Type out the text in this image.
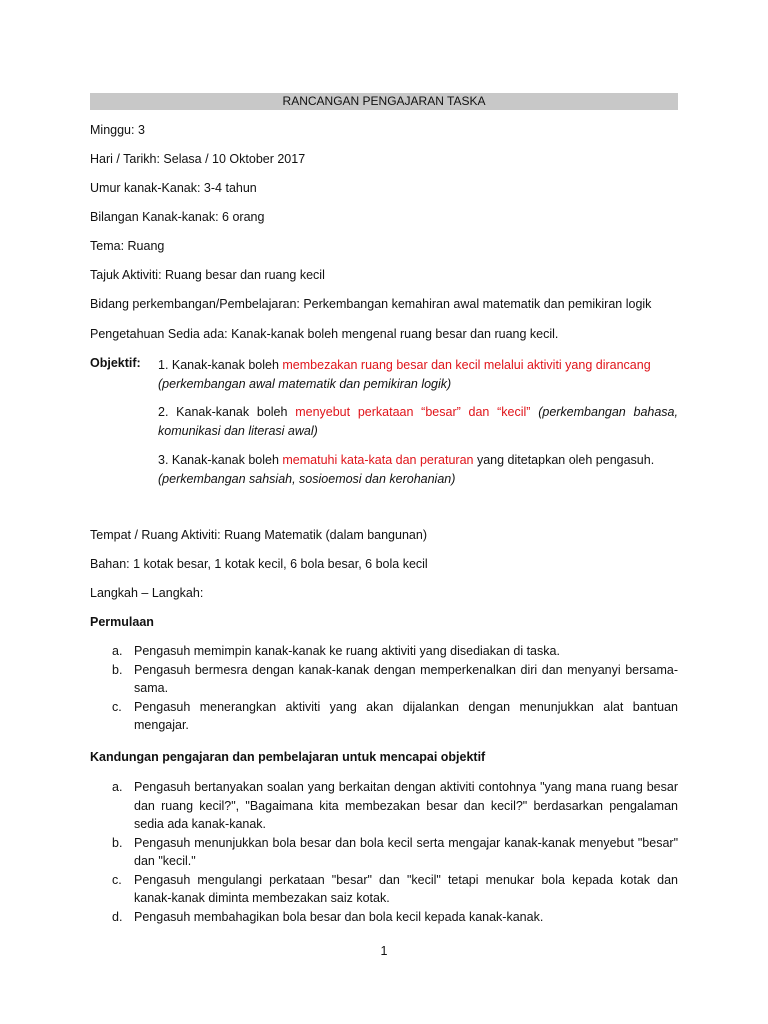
RANCANGAN PENGAJARAN TASKA
Minggu: 3
Hari / Tarikh: Selasa / 10 Oktober 2017
Umur kanak-Kanak: 3-4 tahun
Bilangan Kanak-kanak: 6 orang
Tema: Ruang
Tajuk Aktiviti: Ruang besar dan ruang kecil
Bidang perkembangan/Pembelajaran: Perkembangan kemahiran awal matematik dan pemikiran logik
Pengetahuan Sedia ada: Kanak-kanak boleh mengenal ruang besar dan ruang kecil.
Objektif: 1. Kanak-kanak boleh membezakan ruang besar dan kecil melalui aktiviti yang dirancang
(perkembangan awal matematik dan pemikiran logik)
2. Kanak-kanak boleh menyebut perkataan “besar” dan “kecil” (perkembangan bahasa, komunikasi dan literasi awal)
3. Kanak-kanak boleh mematuhi kata-kata dan peraturan yang ditetapkan oleh pengasuh.
(perkembangan sahsiah, sosioemosi dan kerohanian)
Tempat / Ruang Aktiviti: Ruang Matematik (dalam bangunan)
Bahan: 1 kotak besar, 1 kotak kecil, 6 bola besar, 6 bola kecil
Langkah – Langkah:
Permulaan
a. Pengasuh memimpin kanak-kanak ke ruang aktiviti yang disediakan di taska.
b. Pengasuh bermesra dengan kanak-kanak dengan memperkenalkan diri dan menyanyi bersama-sama.
c. Pengasuh menerangkan aktiviti yang akan dijalankan dengan menunjukkan alat bantuan mengajar.
Kandungan pengajaran dan pembelajaran untuk mencapai objektif
a. Pengasuh bertanyakan soalan yang berkaitan dengan aktiviti contohnya "yang mana ruang besar dan ruang kecil?", "Bagaimana kita membezakan besar dan kecil?" berdasarkan pengalaman sedia ada kanak-kanak.
b. Pengasuh menunjukkan bola besar dan bola kecil serta mengajar kanak-kanak menyebut "besar" dan "kecil."
c. Pengasuh mengulangi perkataan "besar" dan "kecil" tetapi menukar bola kepada kotak dan kanak-kanak diminta membezakan saiz kotak.
d. Pengasuh membahagikan bola besar dan bola kecil kepada kanak-kanak.
1
